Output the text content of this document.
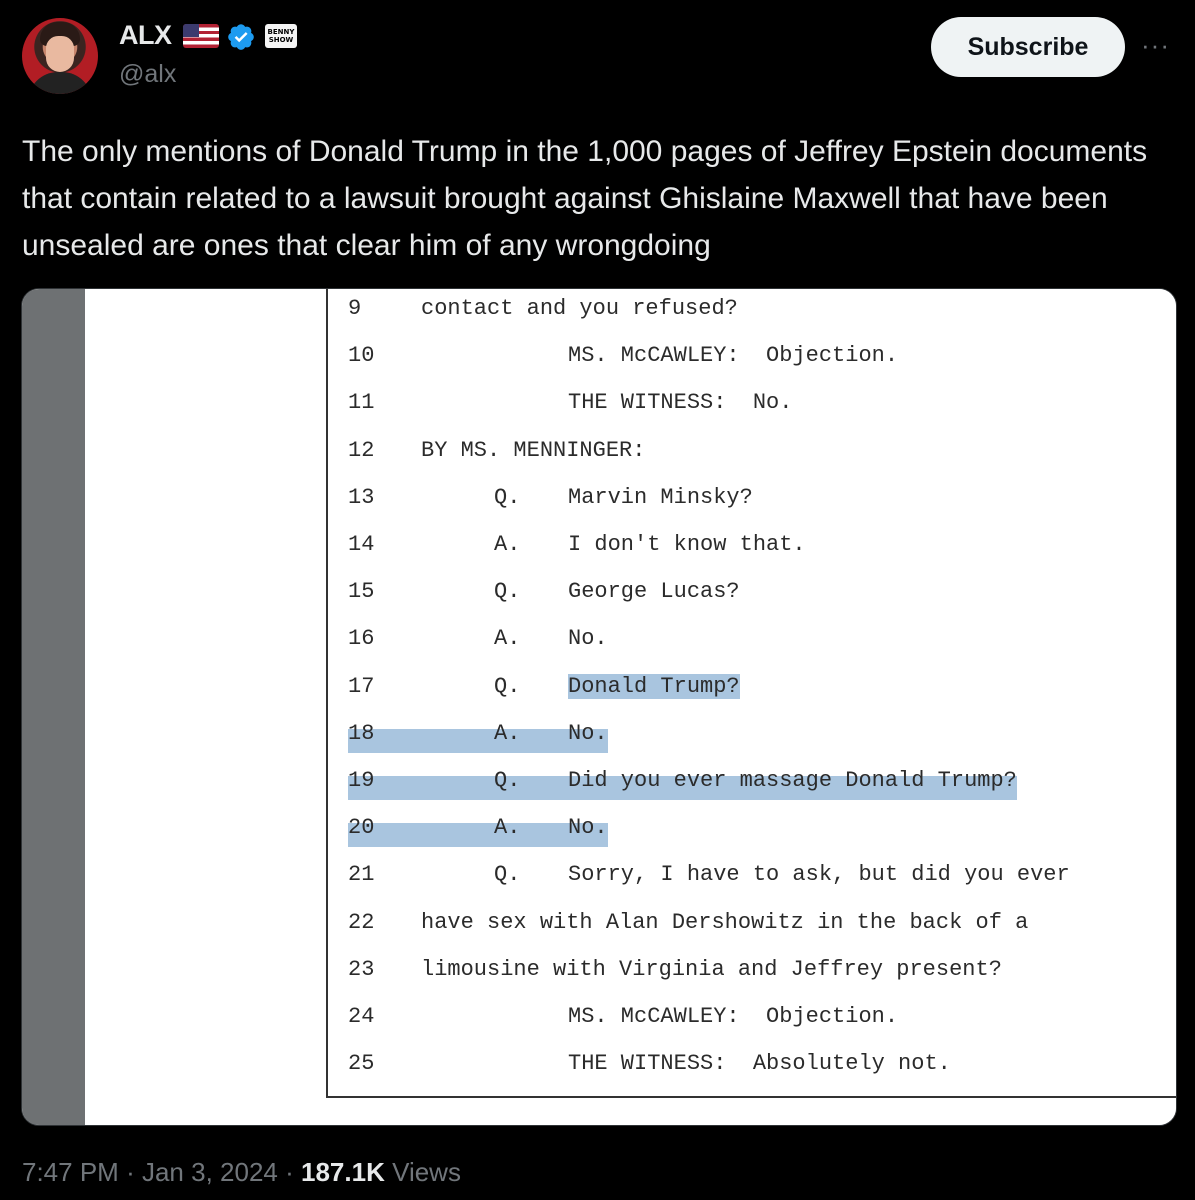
ALX	BENNY SHOW
@alx
Subscribe	···
The only mentions of Donald Trump in the 1,000 pages of Jeffrey Epstein documents that contain related to a lawsuit brought against Ghislaine Maxwell that have been unsealed are ones that clear him of any wrongdoing
9	contact and you refused?
10	MS. McCAWLEY:  Objection.
11	THE WITNESS:  No.
12	BY MS. MENNINGER:
13	Q. Marvin Minsky?
14	A. I don't know that.
15	Q. George Lucas?
16	A. No.
17	Q. Donald Trump?
18	A. No.
19	Q. Did you ever massage Donald Trump?
20	A. No.
21	Q. Sorry, I have to ask, but did you ever
22	have sex with Alan Dershowitz in the back of a
23	limousine with Virginia and Jeffrey present?
24	MS. McCAWLEY:  Objection.
25	THE WITNESS:  Absolutely not.
7:47 PM · Jan 3, 2024 · 187.1K Views
